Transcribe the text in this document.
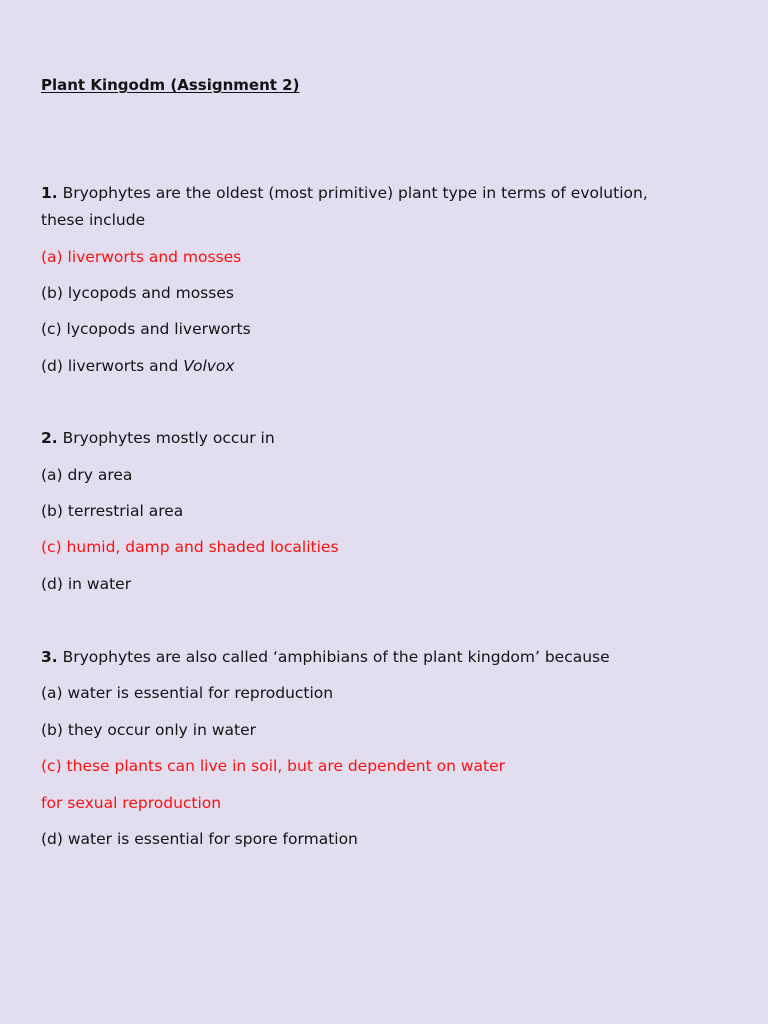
Plant Kingodm (Assignment 2)
1. Bryophytes are the oldest (most primitive) plant type in terms of evolution,
these include
(a) liverworts and mosses
(b) lycopods and mosses
(c) lycopods and liverworts
(d) liverworts and Volvox
2. Bryophytes mostly occur in
(a) dry area
(b) terrestrial area
(c) humid, damp and shaded localities
(d) in water
3. Bryophytes are also called ‘amphibians of the plant kingdom’ because
(a) water is essential for reproduction
(b) they occur only in water
(c) these plants can live in soil, but are dependent on water
for sexual reproduction
(d) water is essential for spore formation
